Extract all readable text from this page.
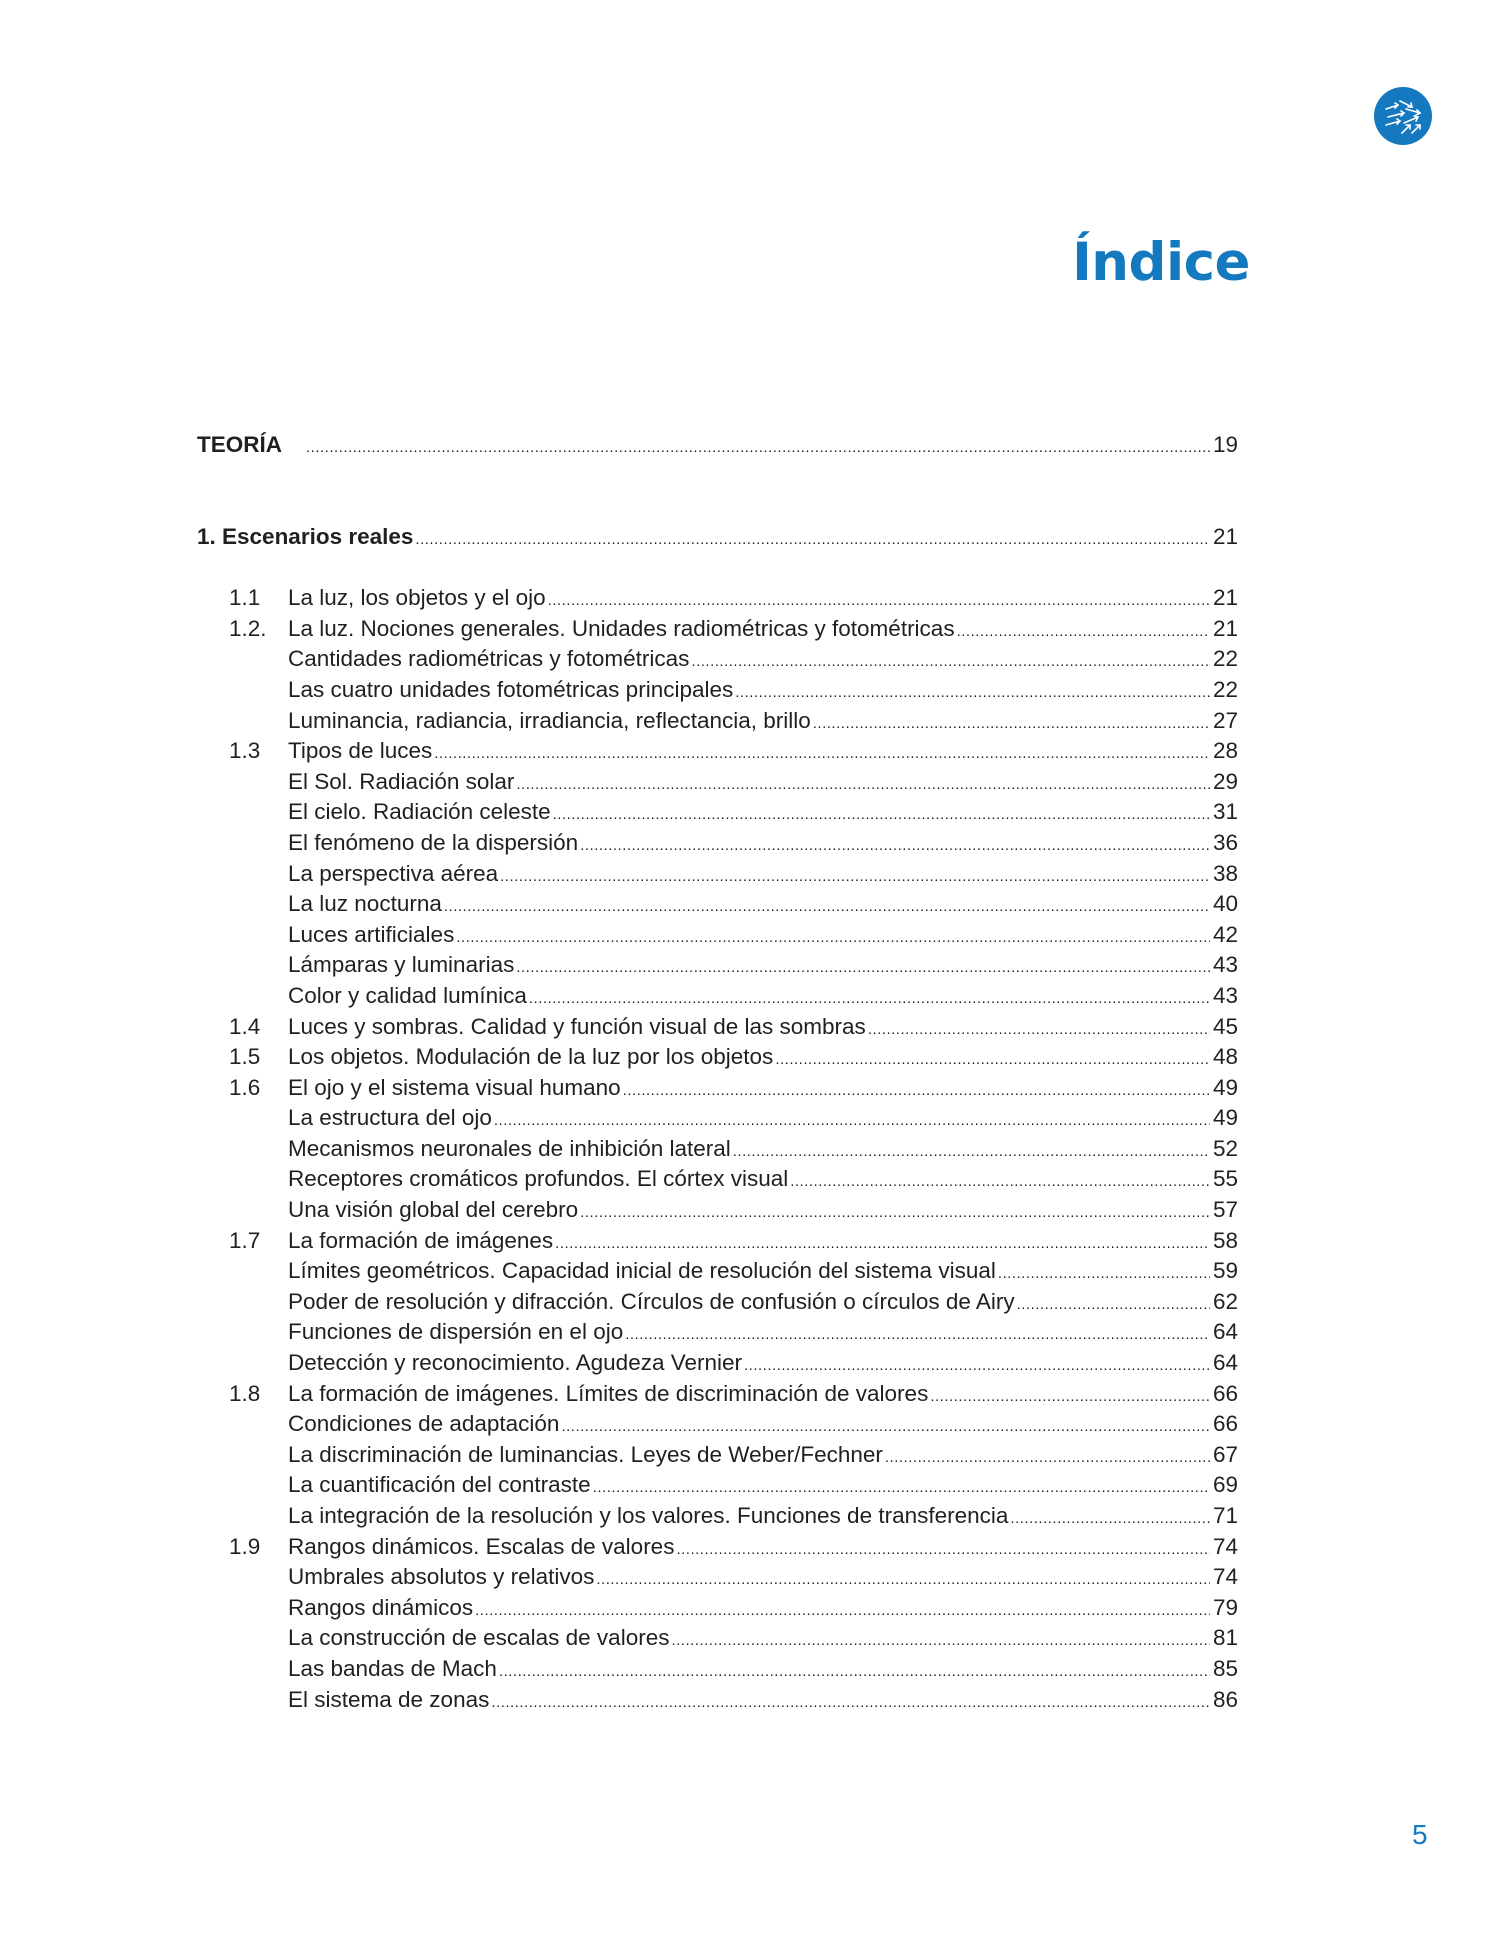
Índice
TEORÍA .....	19
1. Escenarios reales .....	21
1.1	La luz, los objetos y el ojo .....	21
1.2. La luz. Nociones generales. Unidades radiométricas y fotométricas .....	21
Cantidades radiométricas y fotométricas .....	22
Las cuatro unidades fotométricas principales .....	22
Luminancia, radiancia, irradiancia, reflectancia, brillo .....	27
1.3	Tipos de luces .....	28
El Sol. Radiación solar .....	29
El cielo. Radiación celeste .....	31
El fenómeno de la dispersión .....	36
La perspectiva aérea .....	38
La luz nocturna .....	40
Luces artificiales .....	42
Lámparas y luminarias .....	43
Color y calidad lumínica .....	43
1.4	Luces y sombras. Calidad y función visual de las sombras .....	45
1.5	Los objetos. Modulación de la luz por los objetos .....	48
1.6	El ojo y el sistema visual humano .....	49
La estructura del ojo .....	49
Mecanismos neuronales de inhibición lateral .....	52
Receptores cromáticos profundos. El córtex visual .....	55
Una visión global del cerebro .....	57
1.7	La formación de imágenes .....	58
Límites geométricos. Capacidad inicial de resolución del sistema visual .....	59
Poder de resolución y difracción. Círculos de confusión o círculos de Airy .....	62
Funciones de dispersión en el ojo .....	64
Detección y reconocimiento. Agudeza Vernier .....	64
1.8	La formación de imágenes. Límites de discriminación de valores .....	66
Condiciones de adaptación .....	66
La discriminación de luminancias. Leyes de Weber/Fechner .....	67
La cuantificación del contraste .....	69
La integración de la resolución y los valores. Funciones de transferencia .....	71
1.9	Rangos dinámicos. Escalas de valores .....	74
Umbrales absolutos y relativos .....	74
Rangos dinámicos .....	79
La construcción de escalas de valores .....	81
Las bandas de Mach .....	85
El sistema de zonas .....	86
5
